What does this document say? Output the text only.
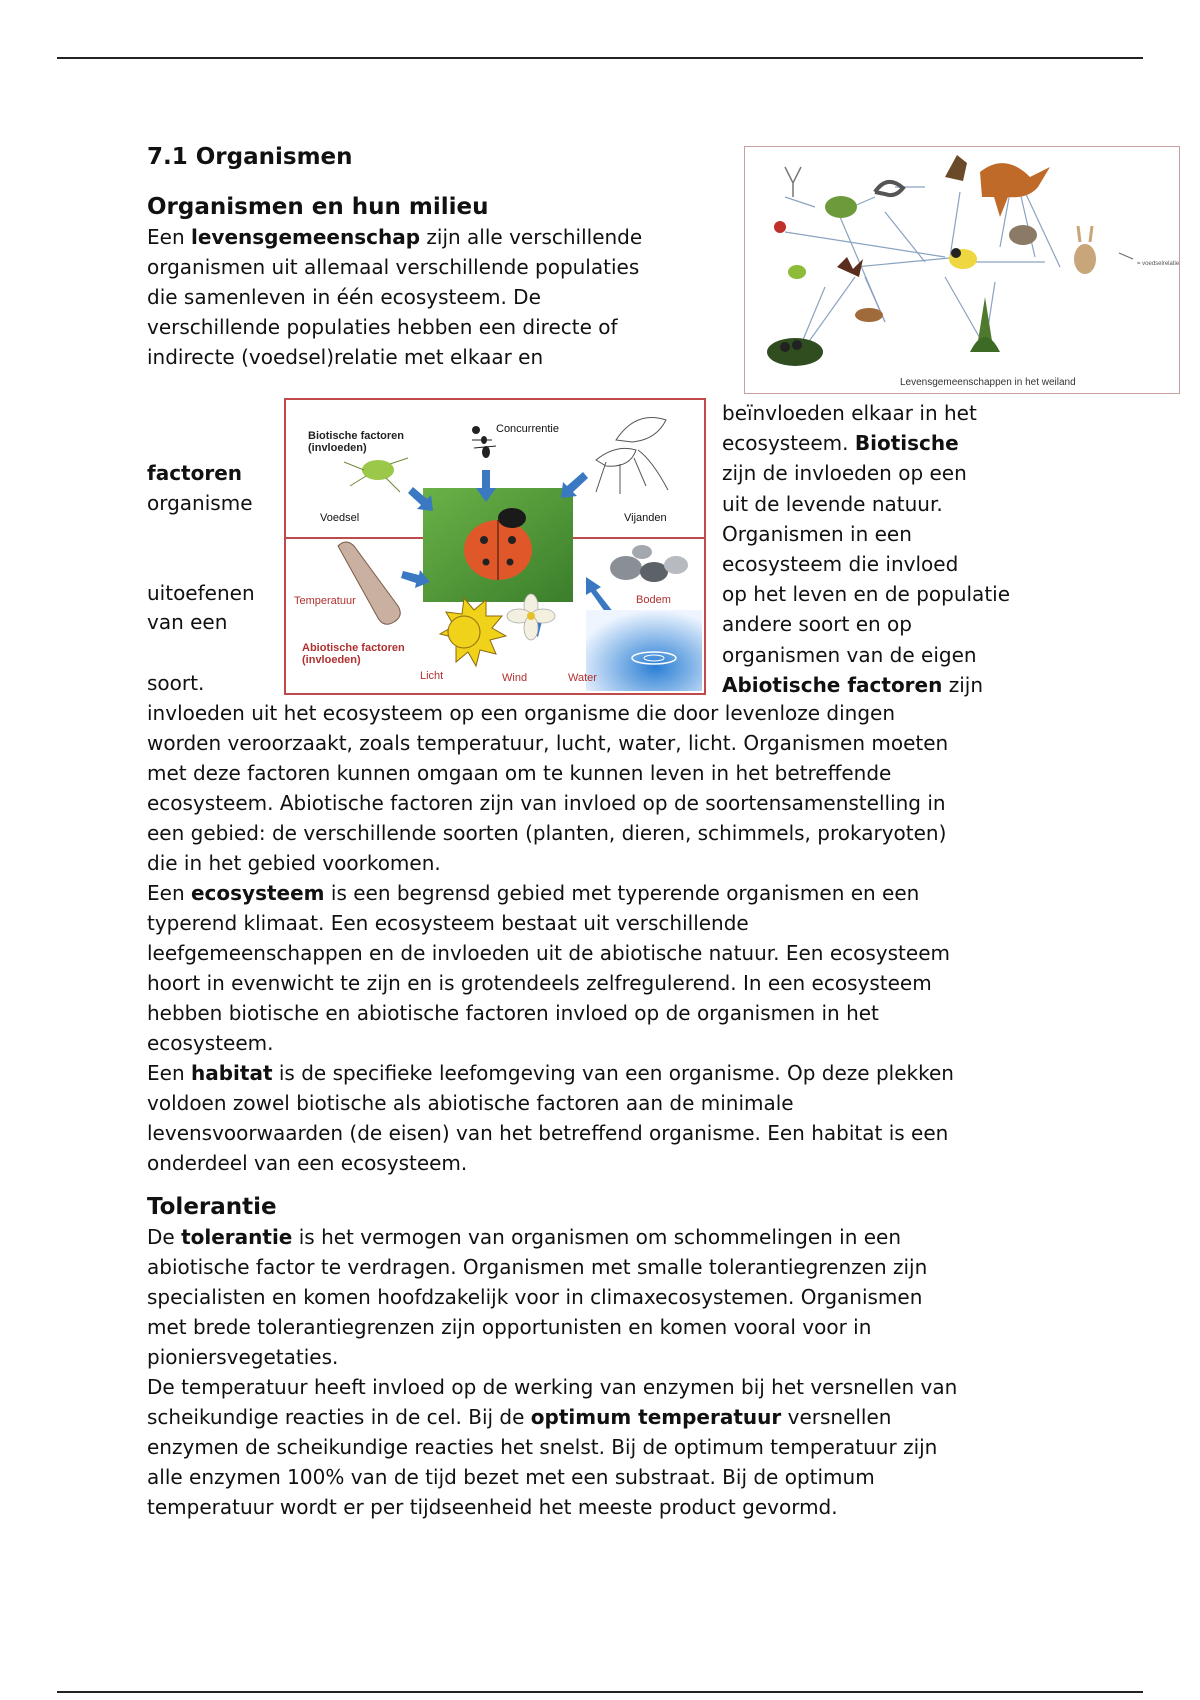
7.1 Organismen
Organismen en hun milieu

Een levensgemeenschap zijn alle verschillende
organismen uit allemaal verschillende populaties
die samenleven in één ecosysteem. De
verschillende populaties hebben een directe of
indirecte (voedsel)relatie met elkaar en

Levensgemeenschappen in het weiland
= voedselrelatie
factoren
organisme
uitoefenen
van een
soort.
Biotische factoren
(invloeden)
Concurrentie
Voedsel	Vijanden
Temperatuur	Bodem
Abiotische factoren
(invloeden)
Licht	Wind	Water
beïnvloeden elkaar in het
ecosysteem. Biotische
zijn de invloeden op een
uit de levende natuur.
Organismen in een
ecosysteem die invloed
op het leven en de populatie
andere soort en op
organismen van de eigen
Abiotische factoren zijn

invloeden uit het ecosysteem op een organisme die door levenloze dingen
worden veroorzaakt, zoals temperatuur, lucht, water, licht. Organismen moeten
met deze factoren kunnen omgaan om te kunnen leven in het betreffende
ecosysteem. Abiotische factoren zijn van invloed op de soortensamenstelling in
een gebied: de verschillende soorten (planten, dieren, schimmels, prokaryoten)
die in het gebied voorkomen.

Een ecosysteem is een begrensd gebied met typerende organismen en een
typerend klimaat. Een ecosysteem bestaat uit verschillende
leefgemeenschappen en de invloeden uit de abiotische natuur. Een ecosysteem
hoort in evenwicht te zijn en is grotendeels zelfregulerend. In een ecosysteem
hebben biotische en abiotische factoren invloed op de organismen in het
ecosysteem.

Een habitat is de specifieke leefomgeving van een organisme. Op deze plekken
voldoen zowel biotische als abiotische factoren aan de minimale
levensvoorwaarden (de eisen) van het betreffend organisme. Een habitat is een
onderdeel van een ecosysteem.

Tolerantie

De tolerantie is het vermogen van organismen om schommelingen in een
abiotische factor te verdragen. Organismen met smalle tolerantiegrenzen zijn
specialisten en komen hoofdzakelijk voor in climaxecosystemen. Organismen
met brede tolerantiegrenzen zijn opportunisten en komen vooral voor in
pioniersvegetaties.

De temperatuur heeft invloed op de werking van enzymen bij het versnellen van
scheikundige reacties in de cel. Bij de optimum temperatuur versnellen
enzymen de scheikundige reacties het snelst. Bij de optimum temperatuur zijn
alle enzymen 100% van de tijd bezet met een substraat. Bij de optimum
temperatuur wordt er per tijdseenheid het meeste product gevormd.
